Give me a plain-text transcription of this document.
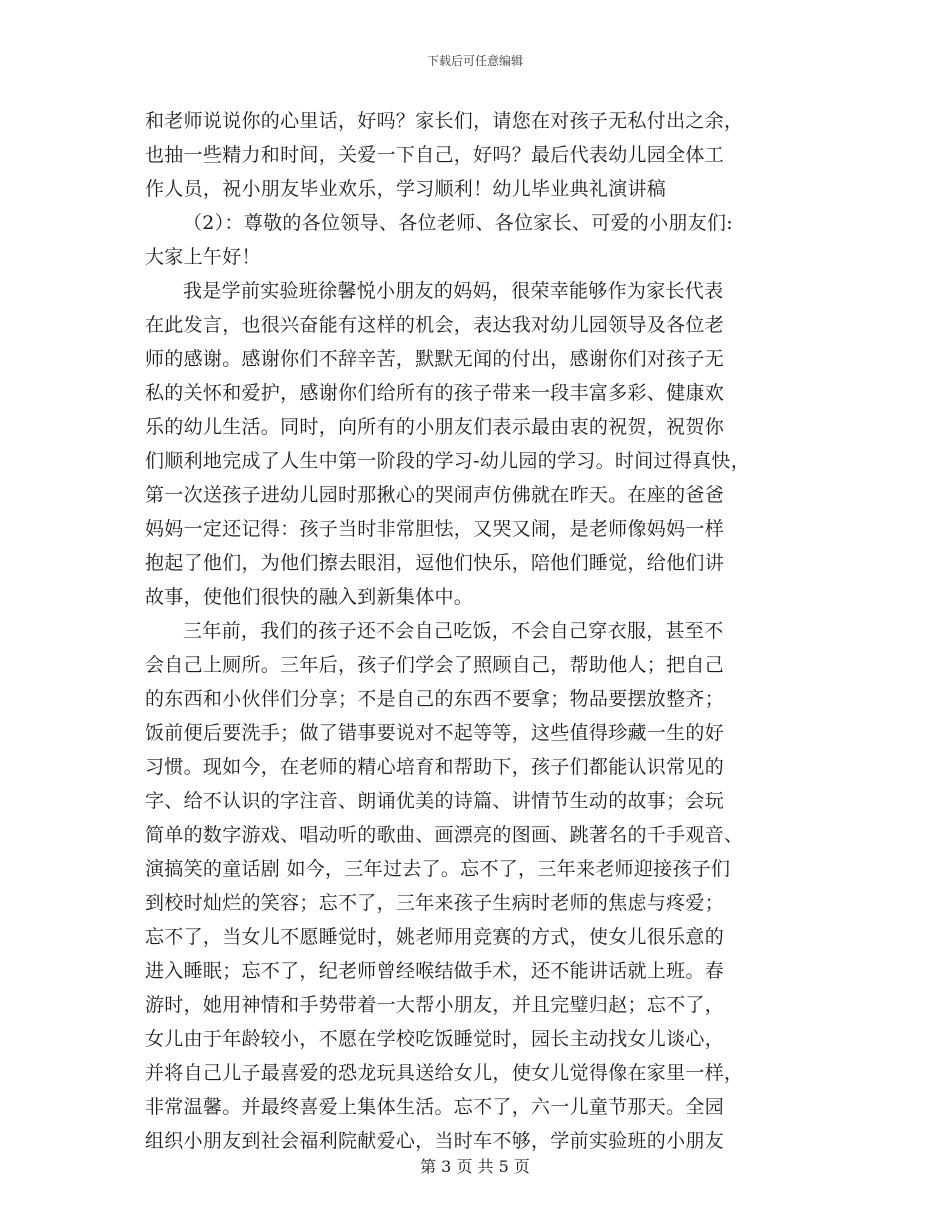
下载后可任意编辑
和老师说说你的心里话，好吗？家长们，请您在对孩子无私付出之余，
也抽一些精力和时间，关爱一下自己，好吗？最后代表幼儿园全体工
作人员，祝小朋友毕业欢乐，学习顺利！幼儿毕业典礼演讲稿
（2）：尊敬的各位领导、各位老师、各位家长、可爱的小朋友们:
大家上午好！
我是学前实验班徐馨悦小朋友的妈妈，很荣幸能够作为家长代表
在此发言，也很兴奋能有这样的机会，表达我对幼儿园领导及各位老
师的感谢。感谢你们不辞辛苦，默默无闻的付出，感谢你们对孩子无
私的关怀和爱护，感谢你们给所有的孩子带来一段丰富多彩、健康欢
乐的幼儿生活。同时，向所有的小朋友们表示最由衷的祝贺，祝贺你
们顺利地完成了人生中第一阶段的学习-幼儿园的学习。时间过得真快，
第一次送孩子进幼儿园时那揪心的哭闹声仿佛就在昨天。在座的爸爸
妈妈一定还记得：孩子当时非常胆怯，又哭又闹，是老师像妈妈一样
抱起了他们，为他们擦去眼泪，逗他们快乐，陪他们睡觉，给他们讲
故事，使他们很快的融入到新集体中。
三年前，我们的孩子还不会自己吃饭，不会自己穿衣服，甚至不
会自己上厕所。三年后，孩子们学会了照顾自己，帮助他人；把自己
的东西和小伙伴们分享；不是自己的东西不要拿；物品要摆放整齐；
饭前便后要洗手；做了错事要说对不起等等，这些值得珍藏一生的好
习惯。现如今，在老师的精心培育和帮助下，孩子们都能认识常见的
字、给不认识的字注音、朗诵优美的诗篇、讲情节生动的故事；会玩
简单的数字游戏、唱动听的歌曲、画漂亮的图画、跳著名的千手观音、
演搞笑的童话剧 如今，三年过去了。忘不了，三年来老师迎接孩子们
到校时灿烂的笑容；忘不了，三年来孩子生病时老师的焦虑与疼爱；
忘不了，当女儿不愿睡觉时，姚老师用竞赛的方式，使女儿很乐意的
进入睡眠；忘不了，纪老师曾经喉结做手术，还不能讲话就上班。春
游时，她用神情和手势带着一大帮小朋友，并且完璧归赵；忘不了，
女儿由于年龄较小，不愿在学校吃饭睡觉时，园长主动找女儿谈心，
并将自己儿子最喜爱的恐龙玩具送给女儿，使女儿觉得像在家里一样，
非常温馨。并最终喜爱上集体生活。忘不了，六一儿童节那天。全园
组织小朋友到社会福利院献爱心，当时车不够，学前实验班的小朋友
第 3 页 共 5 页
